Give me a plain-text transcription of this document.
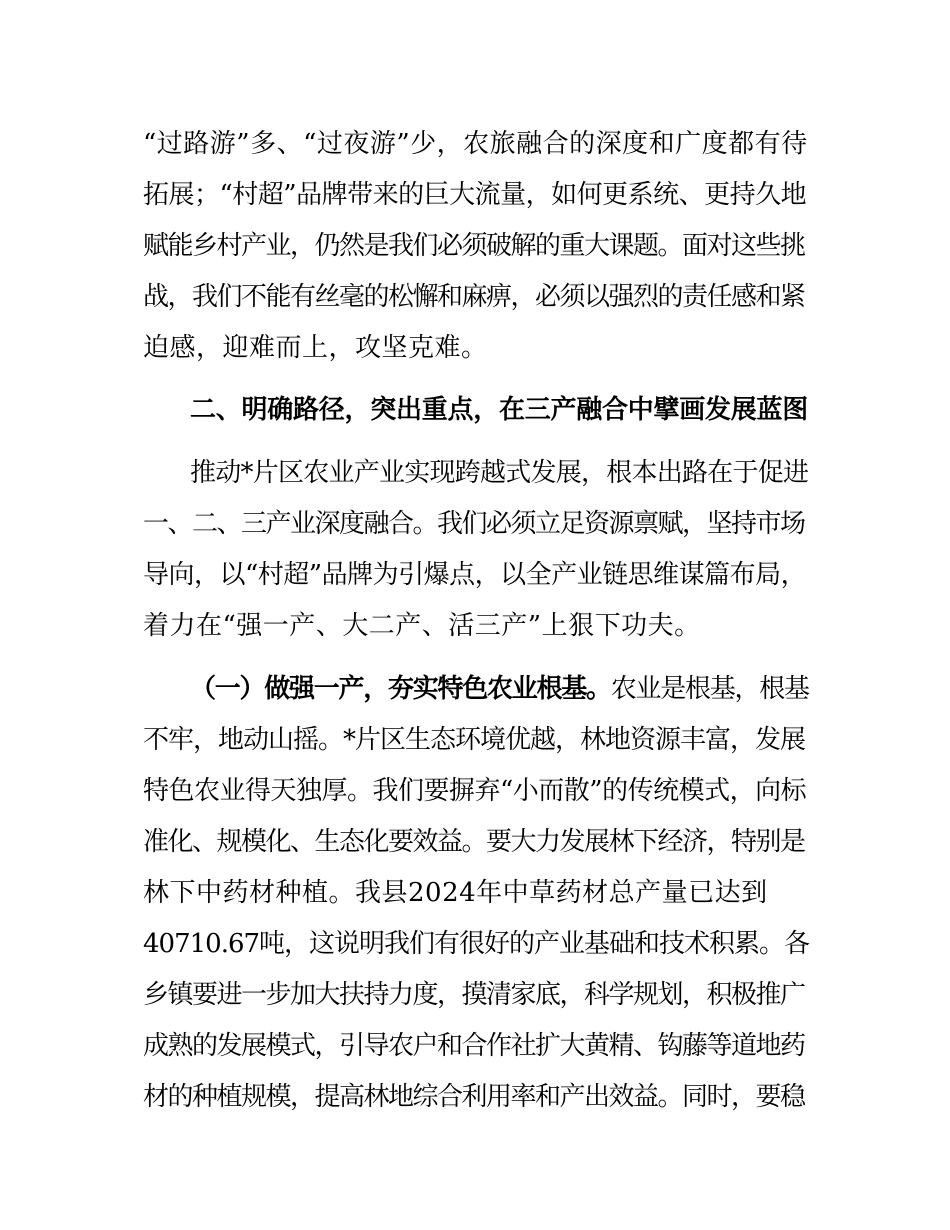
“过路游”多、“过夜游”少，农旅融合的深度和广度都有待
拓展；“村超”品牌带来的巨大流量，如何更系统、更持久地
赋能乡村产业，仍然是我们必须破解的重大课题。面对这些挑
战，我们不能有丝毫的松懈和麻痹，必须以强烈的责任感和紧
迫感，迎难而上，攻坚克难。
二、明确路径，突出重点，在三产融合中擘画发展蓝图
推动*片区农业产业实现跨越式发展，根本出路在于促进
一、二、三产业深度融合。我们必须立足资源禀赋，坚持市场
导向，以“村超”品牌为引爆点，以全产业链思维谋篇布局，
着力在“强一产、大二产、活三产”上狠下功夫。
（一）做强一产，夯实特色农业根基。农业是根基，根基
不牢，地动山摇。*片区生态环境优越，林地资源丰富，发展
特色农业得天独厚。我们要摒弃“小而散”的传统模式，向标
准化、规模化、生态化要效益。要大力发展林下经济，特别是
林下中药材种植。我县2024年中草药材总产量已达到
40710.67吨，这说明我们有很好的产业基础和技术积累。各
乡镇要进一步加大扶持力度，摸清家底，科学规划，积极推广
成熟的发展模式，引导农户和合作社扩大黄精、钩藤等道地药
材的种植规模，提高林地综合利用率和产出效益。同时，要稳
